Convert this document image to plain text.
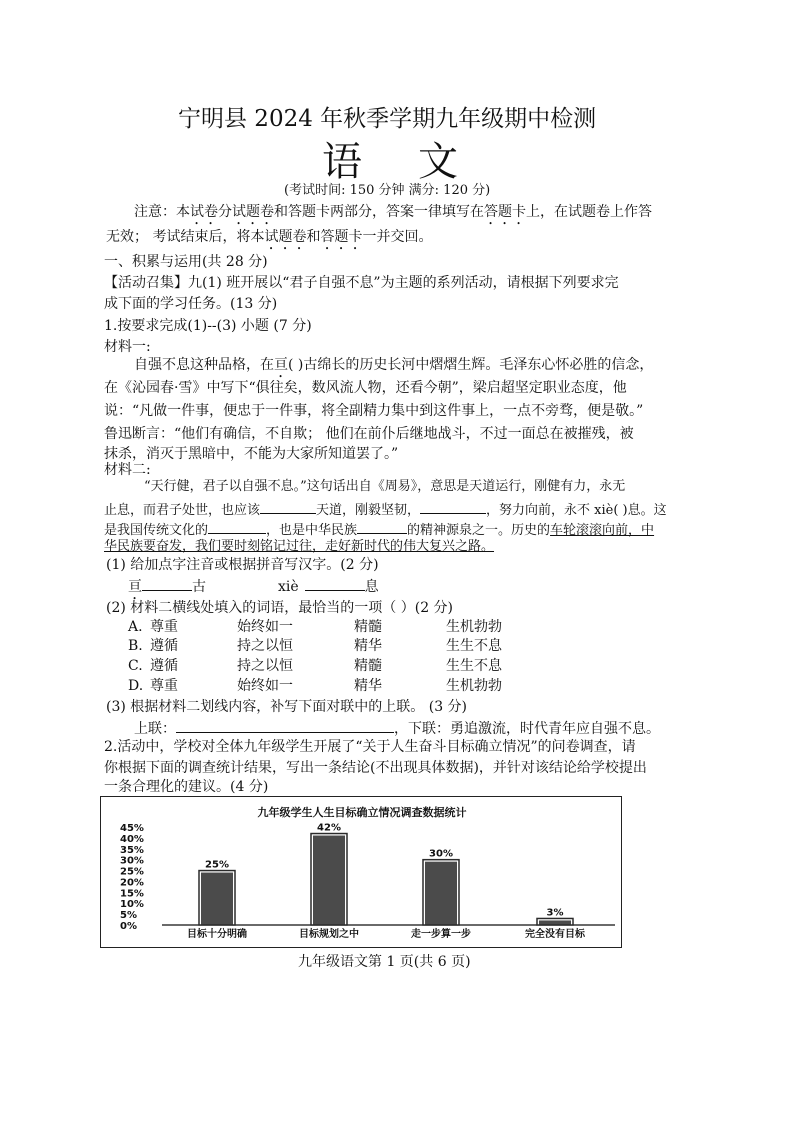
宁明县 2024 年秋季学期九年级期中检测
语 文
(考试时间: 150 分钟 满分: 120 分)
注意：本试卷分试题卷和答题卡两部分，答案一律填写在答题卡上，在试题卷上作答
无效； 考试结束后，将本试题卷和答题卡一并交回。
一、积累与运用(共 28 分)
【活动召集】九(1) 班开展以“君子自强不息”为主题的系列活动，请根据下列要求完
成下面的学习任务。(13 分)
1.按要求完成(1)--(3) 小题 (7 分)
材料一:
自强不息这种品格，在亘( )古绵长的历史长河中熠熠生辉。毛泽东心怀必胜的信念，
在《沁园春·雪》中写下“俱往矣，数风流人物，还看今朝”，梁启超坚定职业态度，他
说：“凡做一件事，便忠于一件事，将全副精力集中到这件事上，一点不旁骛，便是敬。”
鲁迅断言：“他们有确信，不自欺； 他们在前仆后继地战斗，不过一面总在被摧残，被
抹杀，消灭于黑暗中，不能为大家所知道罢了。”
材料二:
“天行健，君子以自强不息。”这句话出自《周易》，意思是天道运行，刚健有力，永无
止息，而君子处世，也应该	天道，刚毅坚韧，	，努力向前，永不 xiè( )息。这
是我国传统文化的	，也是中华民族	的精神源泉之一。历史的车轮滚滚向前，中
华民族要奋发，我们要时刻铭记过往，走好新时代的伟大复兴之路。
(1) 给加点字注音或根据拼音写汉字。(2 分)
亘	古	xiè	息
(2) 材料二横线处填入的词语，最恰当的一项（ ）(2 分)
A. 尊重	始终如一	精髓	生机勃勃
B. 遵循	持之以恒	精华	生生不息
C. 遵循	持之以恒	精髓	生生不息
D. 尊重	始终如一	精华	生机勃勃
(3) 根据材料二划线内容，补写下面对联中的上联。 (3 分)
上联：	，下联：勇追激流，时代青年应自强不息。
2.活动中，学校对全体九年级学生开展了“关于人生奋斗目标确立情况”的问卷调查，请
你根据下面的调查统计结果，写出一条结论(不出现具体数据)，并针对该结论给学校提出
一条合理化的建议。(4 分)
九年级学生人生目标确立情况调查数据统计
45%
40%
35%
30%
25%
20%
15%
10%
5%
0%
25%
目标十分明确
42%
目标规划之中
30%
走一步算一步
3%
完全没有目标
九年级语文第 1 页(共 6 页)
